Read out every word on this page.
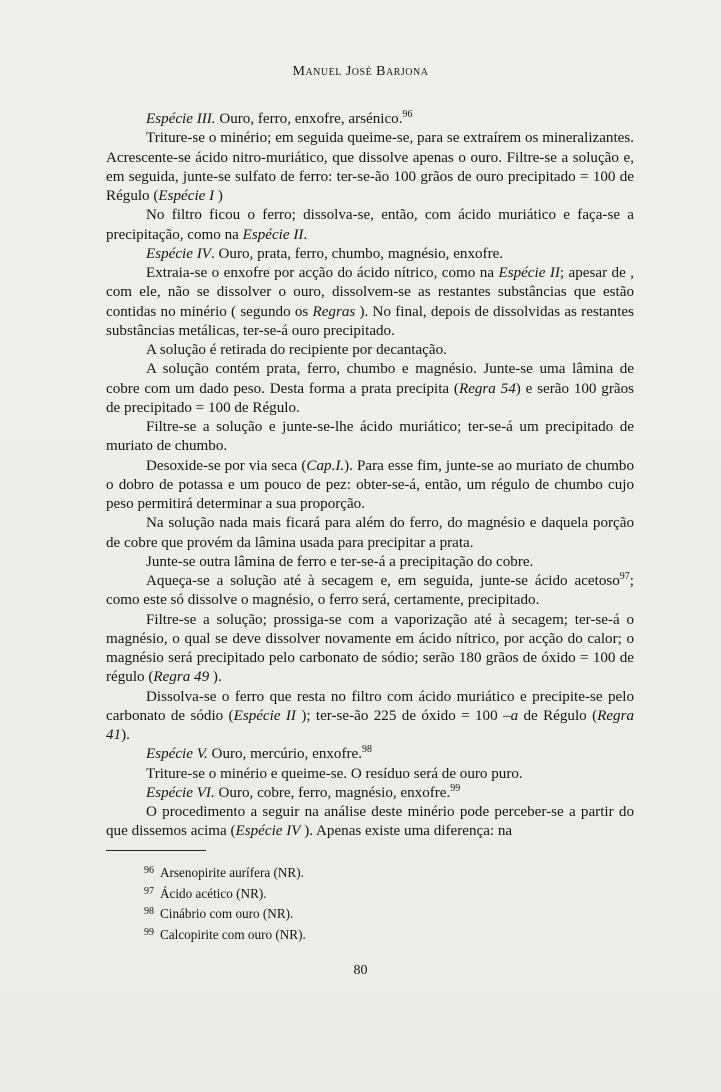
Manuel José Barjona

Espécie III. Ouro, ferro, enxofre, arsénico.$^{96}$

Triture-se o minério; em seguida queime-se, para se extraírem os mineralizantes. Acrescente-se ácido nitro-muriático, que dissolve apenas o ouro. Filtre-se a solução e, em seguida, junte-se sulfato de ferro: ter-se-ão 100 grãos de ouro precipitado = 100 de Régulo (Espécie I )

No filtro ficou o ferro; dissolva-se, então, com ácido muriático e faça-se a precipitação, como na Espécie II.

Espécie IV. Ouro, prata, ferro, chumbo, magnésio, enxofre.

Extraia-se o enxofre por acção do ácido nítrico, como na Espécie II; apesar de , com ele, não se dissolver o ouro, dissolvem-se as restantes substâncias que estão contidas no minério ( segundo os Regras ). No final, depois de dissolvidas as restantes substâncias metálicas, ter-se-á ouro precipitado.

A solução é retirada do recipiente por decantação.

A solução contém prata, ferro, chumbo e magnésio. Junte-se uma lâmina de cobre com um dado peso. Desta forma a prata precipita (Regra 54) e serão 100 grãos de precipitado = 100 de Régulo.

Filtre-se a solução e junte-se-lhe ácido muriático; ter-se-á um precipitado de muriato de chumbo.

Desoxide-se por via seca (Cap.I.). Para esse fim, junte-se ao muriato de chumbo o dobro de potassa e um pouco de pez: obter-se-á, então, um régulo de chumbo cujo peso permitirá determinar a sua proporção.

Na solução nada mais ficará para além do ferro, do magnésio e daquela porção de cobre que provém da lâmina usada para precipitar a prata.

Junte-se outra lâmina de ferro e ter-se-á a precipitação do cobre.

Aqueça-se a solução até à secagem e, em seguida, junte-se ácido acetoso$^{97}$; como este só dissolve o magnésio, o ferro será, certamente, precipitado.

Filtre-se a solução; prossiga-se com a vaporização até à secagem; ter-se-á o magnésio, o qual se deve dissolver novamente em ácido nítrico, por acção do calor; o magnésio será precipitado pelo carbonato de sódio; serão 180 grãos de óxido = 100 de régulo (Regra 49 ).

Dissolva-se o ferro que resta no filtro com ácido muriático e precipite-se pelo carbonato de sódio (Espécie II ); ter-se-ão 225 de óxido = 100 –a de Régulo (Regra 41).

Espécie V. Ouro, mercúrio, enxofre.$^{98}$

Triture-se o minério e queime-se. O resíduo será de ouro puro.

Espécie VI. Ouro, cobre, ferro, magnésio, enxofre.$^{99}$

O procedimento a seguir na análise deste minério pode perceber-se a partir do que dissemos acima (Espécie IV ). Apenas existe uma diferença: na

$^{96}$ Arsenopirite aurífera (NR).

$^{97}$ Ácido acético (NR).

$^{98}$ Cinábrio com ouro (NR).

$^{99}$ Calcopirite com ouro (NR).

80
